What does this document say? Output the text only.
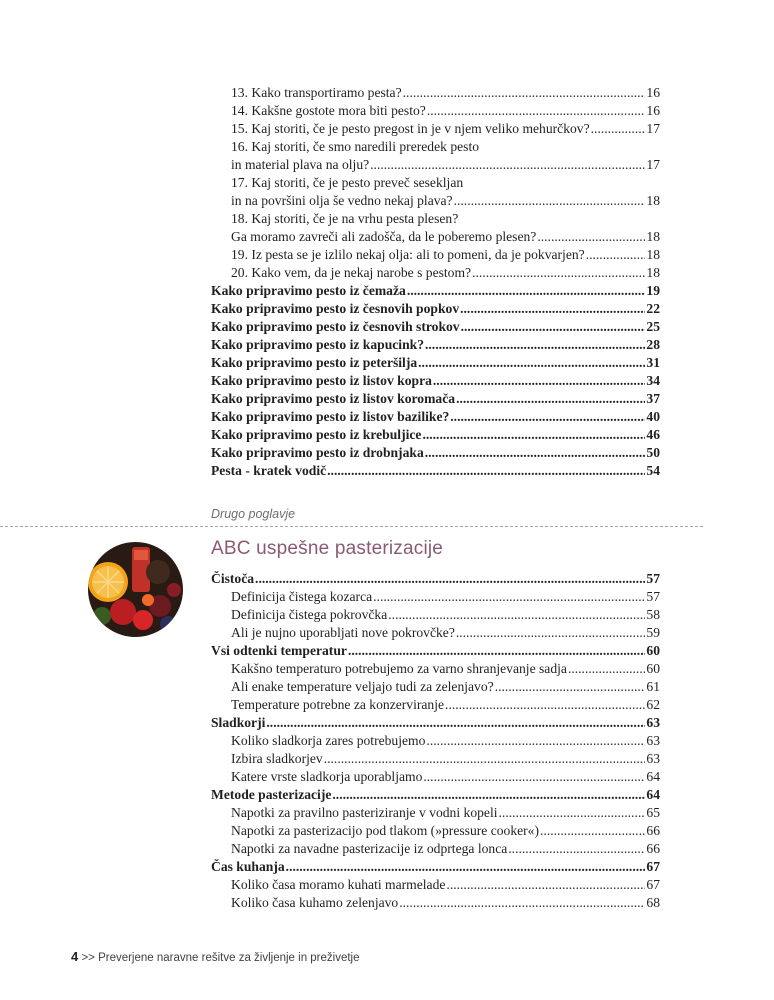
13. Kako transportiramo pesta? .....	16
14. Kakšne gostote mora biti pesto? .....	16
15. Kaj storiti, če je pesto pregost in je v njem veliko mehurčkov? .....	17
16. Kaj storiti, če smo naredili preredek pesto
in material plava na olju? .....	17
17. Kaj storiti, če je pesto preveč sesekljan
in na površini olja še vedno nekaj plava? .....	18
18. Kaj storiti, če je na vrhu pesta plesen?
Ga moramo zavreči ali zadošča, da le poberemo plesen? .....	18
19. Iz pesta se je izlilo nekaj olja: ali to pomeni, da je pokvarjen? .....	18
20. Kako vem, da je nekaj narobe s pestom? .....	18
Kako pripravimo pesto iz čemaža .....	19
Kako pripravimo pesto iz česnovih popkov .....	22
Kako pripravimo pesto iz česnovih strokov .....	25
Kako pripravimo pesto iz kapucink? .....	28
Kako pripravimo pesto iz peteršilja .....	31
Kako pripravimo pesto iz listov kopra .....	34
Kako pripravimo pesto iz listov koromača .....	37
Kako pripravimo pesto iz listov bazilike? .....	40
Kako pripravimo pesto iz krebuljice .....	46
Kako pripravimo pesto iz drobnjaka .....	50
Pesta - kratek vodič .....	54
Drugo poglavje
ABC uspešne pasterizacije
Čistoča .....	57
Definicija čistega kozarca .....	57
Definicija čistega pokrovčka .....	58
Ali je nujno uporabljati nove pokrovčke? .....	59
Vsi odtenki temperatur .....	60
Kakšno temperaturo potrebujemo za varno shranjevanje sadja .....	60
Ali enake temperature veljajo tudi za zelenjavo? .....	61
Temperature potrebne za konzerviranje .....	62
Sladkorji .....	63
Koliko sladkorja zares potrebujemo .....	63
Izbira sladkorjev .....	63
Katere vrste sladkorja uporabljamo .....	64
Metode pasterizacije .....	64
Napotki za pravilno pasteriziranje v vodni kopeli .....	65
Napotki za pasterizacijo pod tlakom (»pressure cooker«) .....	66
Napotki za navadne pasterizacije iz odprtega lonca .....	66
Čas kuhanja .....	67
Koliko časa moramo kuhati marmelade .....	67
Koliko časa kuhamo zelenjavo .....	68
4 >> Preverjene naravne rešitve za življenje in preživetje
